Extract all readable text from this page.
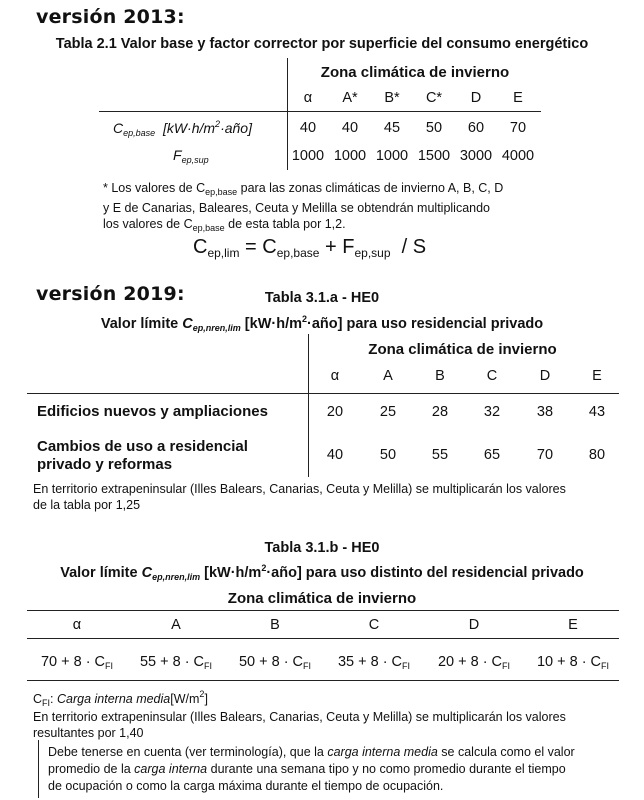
versión 2013:
Tabla 2.1 Valor base y factor corrector por superficie del consumo energético
Zona climática de invierno
α	A*	B*	C*	D	E
$C_{ep,base}$ $[kW\cdot h/m^2\cdot año]$	40	40	45	50	60	70
$F_{ep,sup}$	1000 1000 1000 1500 3000 4000
* Los valores de $C_{ep,base}$ para las zonas climáticas de invierno A, B, C, D
y E de Canarias, Baleares, Ceuta y Melilla se obtendrán multiplicando
los valores de $C_{ep,base}$ de esta tabla por 1,2.
$C_{ep,lim} = C_{ep,base} + F_{ep,sup} / S$
versión 2019:	Tabla 3.1.a - HE0
Valor límite $C_{ep,nren,lim}$ $[kW\cdot h/m^2\cdot año]$ para uso residencial privado
Zona climática de invierno
α	A	B	C	D	E
Edificios nuevos y ampliaciones	20	25	28	32	38	43
Cambios de uso a residencial
privado y reformas
40	50	55	65	70	80
En territorio extrapeninsular (Illes Balears, Canarias, Ceuta y Melilla) se multiplicarán los valores
de la tabla por 1,25
Tabla 3.1.b - HE0
Valor límite $C_{ep,nren,lim}$ $[kW\cdot h/m^2\cdot año]$ para uso distinto del residencial privado
Zona climática de invierno
α	A	B	C	D	E
$70 + 8 \cdot C_{FI}$	$55 + 8 \cdot C_{FI}$	$50 + 8 \cdot C_{FI}$	$35 + 8 \cdot C_{FI}$	$20 + 8 \cdot C_{FI}$	$10 + 8 \cdot C_{FI}$
$C_{FI}$: Carga interna $media[W/m^2]$
En territorio extrapeninsular (Illes Balears, Canarias, Ceuta y Melilla) se multiplicarán los valores
resultantes por 1,40
Debe tenerse en cuenta (ver terminología), que la carga interna media se calcula como el valor
promedio de la carga interna durante una semana tipo y no como promedio durante el tiempo
de ocupación o como la carga máxima durante el tiempo de ocupación.
